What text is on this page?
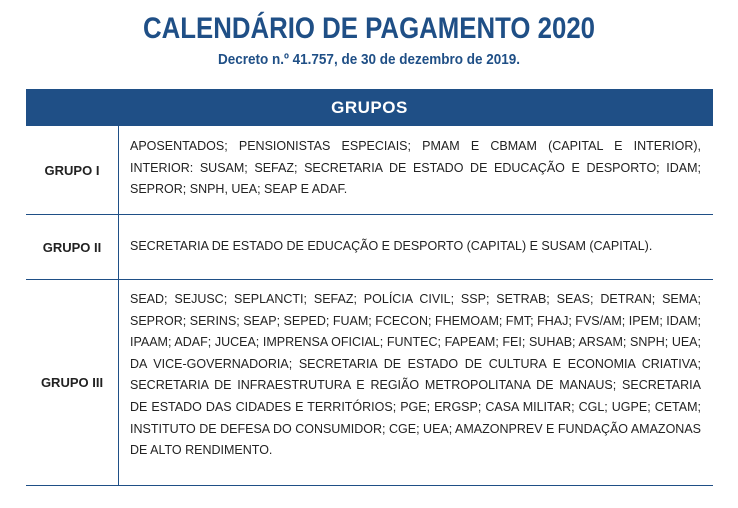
CALENDÁRIO DE PAGAMENTO 2020
Decreto n.º 41.757, de 30 de dezembro de 2019.
GRUPOS
GRUPO I
APOSENTADOS; PENSIONISTAS ESPECIAIS; PMAM E CBMAM (CAPITAL E INTERIOR), INTERIOR: SUSAM; SEFAZ; SECRETARIA DE ESTADO DE EDUCAÇÃO E DESPORTO; IDAM; SEPROR; SNPH, UEA; SEAP E ADAF.
GRUPO II	SECRETARIA DE ESTADO DE EDUCAÇÃO E DESPORTO (CAPITAL) E SUSAM (CAPITAL).
GRUPO III
SEAD; SEJUSC; SEPLANCTI; SEFAZ; POLÍCIA CIVIL; SSP; SETRAB; SEAS; DETRAN; SEMA; SEPROR; SERINS; SEAP; SEPED; FUAM; FCECON; FHEMOAM; FMT; FHAJ; FVS/AM; IPEM; IDAM; IPAAM; ADAF; JUCEA; IMPRENSA OFICIAL; FUNTEC; FAPEAM; FEI; SUHAB; ARSAM; SNPH; UEA; DA VICE-GOVERNADORIA; SECRETARIA DE ESTADO DE CULTURA E ECONOMIA CRIATIVA; SECRETARIA DE INFRAESTRUTURA E REGIÃO METROPOLITANA DE MANAUS; SECRETARIA DE ESTADO DAS CIDADES E TERRITÓRIOS; PGE; ERGSP; CASA MILITAR; CGL; UGPE; CETAM; INSTITUTO DE DEFESA DO CONSUMIDOR; CGE; UEA; AMAZONPREV E FUNDAÇÃO AMAZONAS DE ALTO RENDIMENTO.
